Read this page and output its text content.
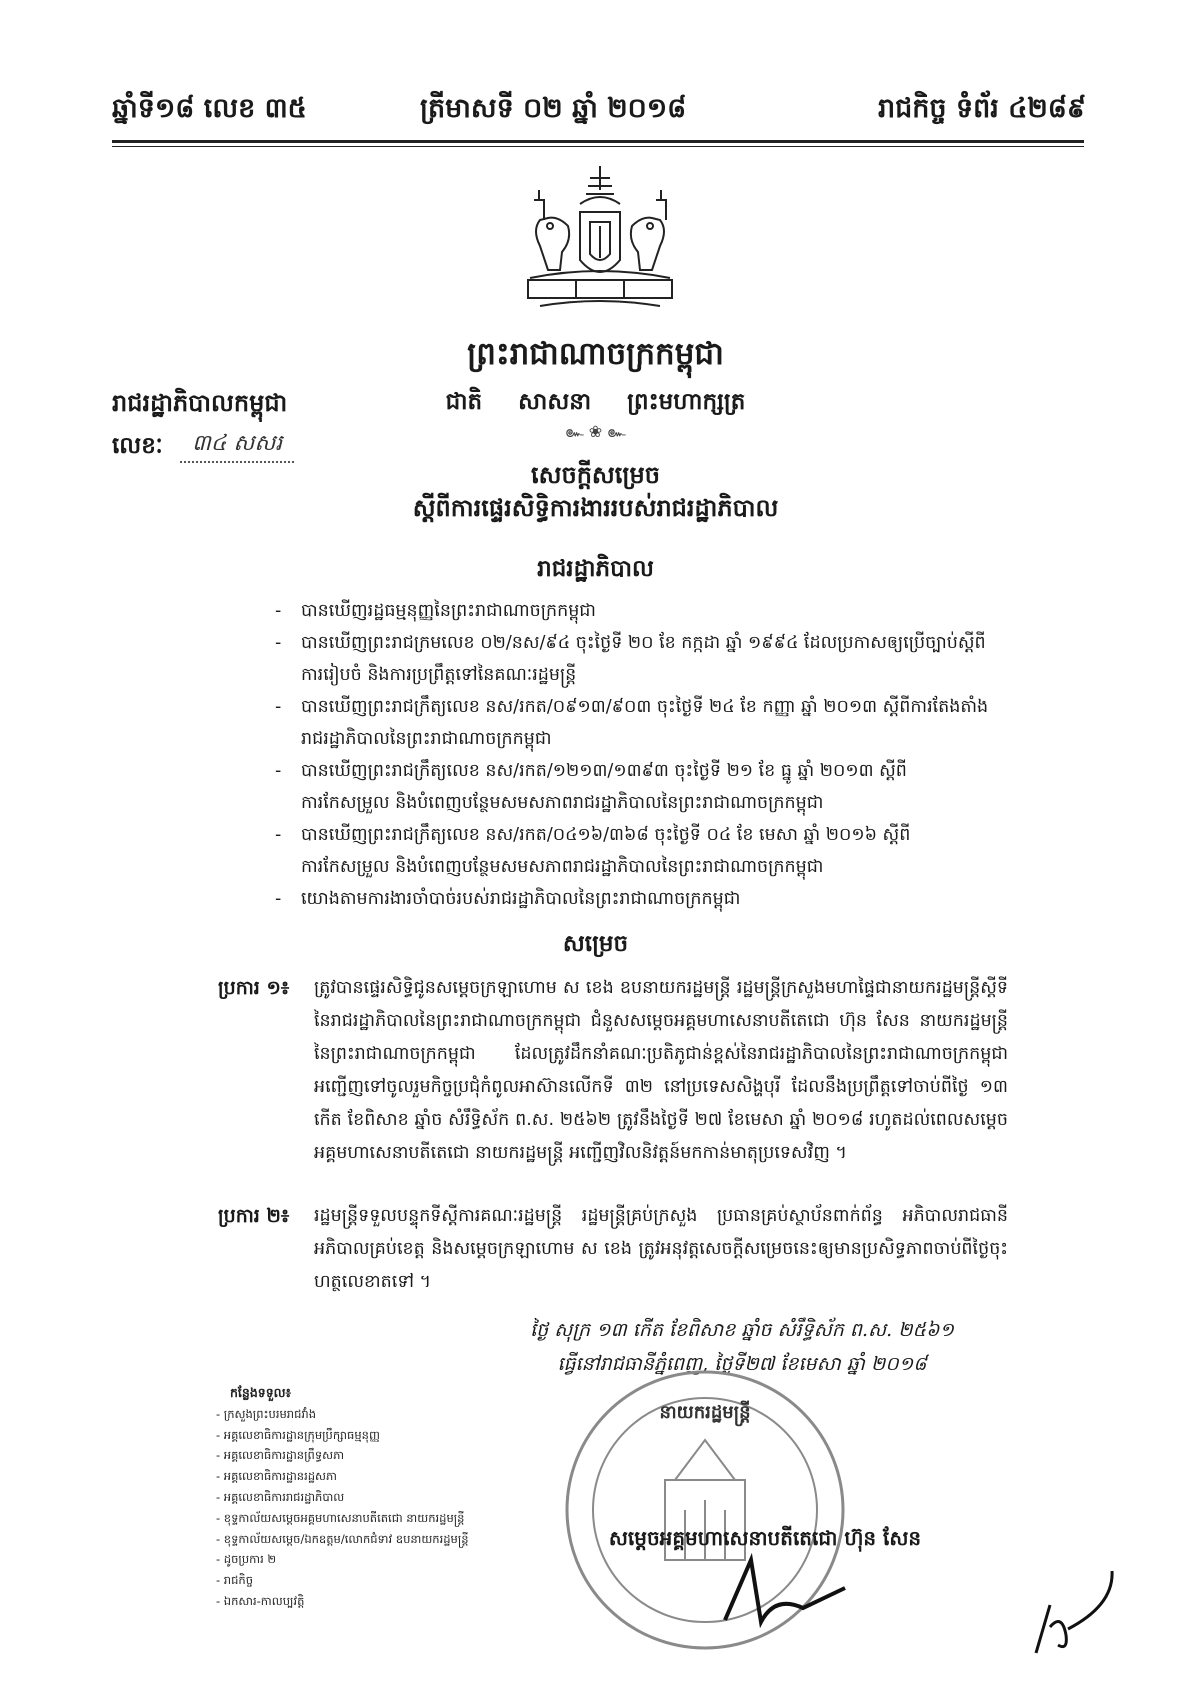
ឆ្នាំទី១៨ លេខ ៣៥	ត្រីមាសទី ០២ ឆ្នាំ ២០១៨	រាជកិច្ច ទំព័រ ៤២៨៩
ព្រះរាជាណាចក្រកម្ពុជា
រាជរដ្ឋាភិបាលកម្ពុជា	ជាតិ សាសនា ព្រះមហាក្សត្រ
๛ ❀ ๛
លេខៈ	៣៤ សសរ
សេចក្តីសម្រេច
ស្តីពីការផ្ទេរសិទ្ធិការងាររបស់រាជរដ្ឋាភិបាល
រាជរដ្ឋាភិបាល
-	បានឃើញរដ្ឋធម្មនុញ្ញនៃព្រះរាជាណាចក្រកម្ពុជា
-	បានឃើញព្រះរាជក្រមលេខ ០២/នស/៩៤ ចុះថ្ងៃទី ២០ ខែ កក្កដា ឆ្នាំ ១៩៩៤ ដែលប្រកាសឲ្យប្រើច្បាប់ស្តីពីការរៀបចំ និងការប្រព្រឹត្តទៅនៃគណៈរដ្ឋមន្ត្រី
-	បានឃើញព្រះរាជក្រឹត្យលេខ នស/រកត/០៩១៣/៩០៣ ចុះថ្ងៃទី ២៤ ខែ កញ្ញា ឆ្នាំ ២០១៣ ស្តីពីការតែងតាំងរាជរដ្ឋាភិបាលនៃព្រះរាជាណាចក្រកម្ពុជា
-	បានឃើញព្រះរាជក្រឹត្យលេខ នស/រកត/១២១៣/១៣៩៣ ចុះថ្ងៃទី ២១ ខែ ធ្នូ ឆ្នាំ ២០១៣ ស្តីពីការកែសម្រួល និងបំពេញបន្ថែមសមសភាពរាជរដ្ឋាភិបាលនៃព្រះរាជាណាចក្រកម្ពុជា
-	បានឃើញព្រះរាជក្រឹត្យលេខ នស/រកត/០៤១៦/៣៦៨ ចុះថ្ងៃទី ០៤ ខែ មេសា ឆ្នាំ ២០១៦ ស្តីពីការកែសម្រួល និងបំពេញបន្ថែមសមសភាពរាជរដ្ឋាភិបាលនៃព្រះរាជាណាចក្រកម្ពុជា
-	យោងតាមការងារចាំបាច់របស់រាជរដ្ឋាភិបាលនៃព្រះរាជាណាចក្រកម្ពុជា
សម្រេច
ប្រការ ១៖	ត្រូវបានផ្ទេរសិទ្ធិជូនសម្តេចក្រឡាហោម ស ខេង ឧបនាយករដ្ឋមន្ត្រី រដ្ឋមន្ត្រីក្រសួងមហាផ្ទៃជានាយករដ្ឋមន្ត្រីស្តីទីនៃរាជរដ្ឋាភិបាលនៃព្រះរាជាណាចក្រកម្ពុជា ជំនួសសម្តេចអគ្គមហាសេនាបតីតេជោ ហ៊ុន សែន នាយករដ្ឋមន្ត្រីនៃព្រះរាជាណាចក្រកម្ពុជា ដែលត្រូវដឹកនាំគណៈប្រតិភូជាន់ខ្ពស់នៃរាជរដ្ឋាភិបាលនៃព្រះរាជាណាចក្រកម្ពុជា អញ្ជើញទៅចូលរួមកិច្ចប្រជុំកំពូលអាស៊ានលើកទី ៣២ នៅប្រទេសសិង្ហបុរី ដែលនឹងប្រព្រឹត្តទៅចាប់ពីថ្ងៃ ១៣ កើត ខែពិសាខ ឆ្នាំច សំរឹទ្ធិស័ក ព.ស. ២៥៦២ ត្រូវនឹងថ្ងៃទី ២៧ ខែមេសា ឆ្នាំ ២០១៨ រហូតដល់ពេលសម្តេចអគ្គមហាសេនាបតីតេជោ នាយករដ្ឋមន្ត្រី អញ្ជើញវិលនិវត្តន៍មកកាន់មាតុប្រទេសវិញ ។
ប្រការ ២៖	រដ្ឋមន្ត្រីទទួលបន្ទុកទីស្តីការគណៈរដ្ឋមន្ត្រី រដ្ឋមន្ត្រីគ្រប់ក្រសួង ប្រធានគ្រប់ស្ថាប័នពាក់ព័ន្ធ អភិបាលរាជធានី អភិបាលគ្រប់ខេត្ត និងសម្តេចក្រឡាហោម ស ខេង ត្រូវអនុវត្តសេចក្តីសម្រេចនេះឲ្យមានប្រសិទ្ធភាពចាប់ពីថ្ងៃចុះហត្ថលេខាតទៅ ។
ថ្ងៃ សុក្រ ១៣ កើត ខែពិសាខ ឆ្នាំច សំរឹទ្ធិស័ក ព.ស. ២៥៦១
ធ្វើនៅរាជធានីភ្នំពេញ, ថ្ងៃទី២៧ ខែមេសា ឆ្នាំ ២០១៨
នាយករដ្ឋមន្ត្រី
កន្លែងទទួល៖
- ក្រសួងព្រះបរមរាជវាំង
- អគ្គលេខាធិការដ្ឋានក្រុមប្រឹក្សាធម្មនុញ្ញ
- អគ្គលេខាធិការដ្ឋានព្រឹទ្ធសភា
- អគ្គលេខាធិការដ្ឋានរដ្ឋសភា
- អគ្គលេខាធិការរាជរដ្ឋាភិបាល
- ខុទ្ទកាល័យសម្តេចអគ្គមហាសេនាបតីតេជោ នាយករដ្ឋមន្ត្រី
- ខុទ្ទកាល័យសម្តេច/ឯកឧត្តម/លោកជំទាវ ឧបនាយករដ្ឋមន្ត្រី
- ដូចប្រការ ២
- រាជកិច្ច
- ឯកសារ-កាលប្បវត្តិ
សម្តេចអគ្គមហាសេនាបតីតេជោ ហ៊ុន សែន
